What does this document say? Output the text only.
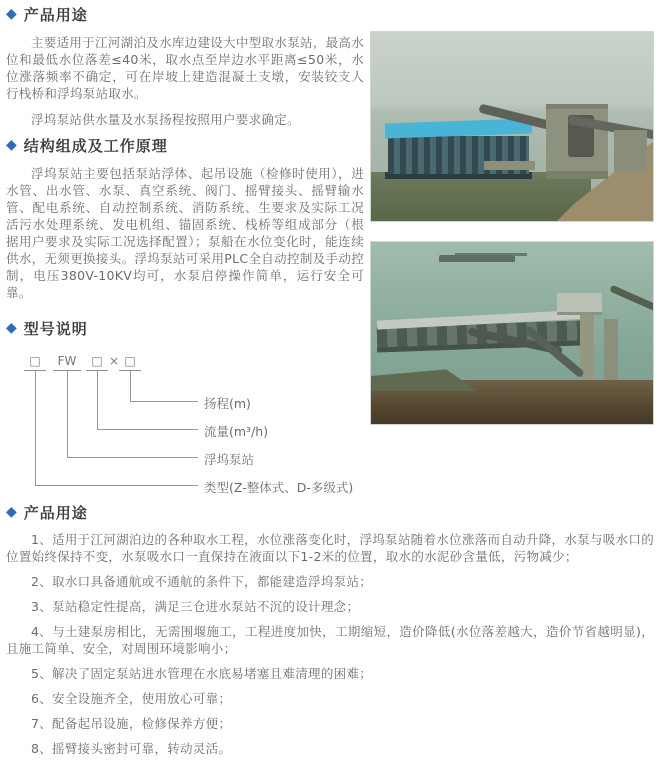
◆ 产品用途

主要适用于江河湖泊及水库边建设大中型取水泵站，最高水位和最低水位落差≤40米，取水点至岸边水平距离≤50米，水位涨落频率不确定，可在岸坡上建造混凝土支墩，安装铰支人行栈桥和浮坞泵站取水。

浮坞泵站供水量及水泵扬程按照用户要求确定。

◆ 结构组成及工作原理

浮坞泵站主要包括泵站浮体、起吊设施（检修时使用），进水管、出水管、水泵、真空系统、阀门、摇臂接头、摇臂输水管、配电系统、自动控制系统、消防系统、生要求及实际工况活污水处理系统、发电机组、锚固系统、栈桥等组成部分（根据用户要求及实际工况选择配置）；泵船在水位变化时，能连续供水，无须更换接头。浮坞泵站可采用PLC全自动控制及手动控制，电压380V-10KV均可，水泵启停操作简单，运行安全可靠。

◆ 型号说明
□	FW	□ × □
扬程(m)
流量(m³/h)
浮坞泵站
类型(Z-整体式、D-多级式)
◆ 产品用途
1、适用于江河湖泊边的各种取水工程，水位涨落变化时，浮坞泵站随着水位涨落而自动升降，水泵与吸水口的位置始终保持不变，水泵吸水口一直保持在液面以下1-2米的位置，取水的水泥砂含量低，污物减少；
2、取水口具备通航或不通航的条件下，都能建造浮坞泵站；
3、泵站稳定性提高，满足三仓进水泵站不沉的设计理念；
4、与土建泵房相比，无需围堰施工，工程进度加快，工期缩短，造价降低(水位落差越大，造价节省越明显)，且施工简单、安全，对周围环境影响小；
5、解决了固定泵站进水管理在水底易堵塞且难清理的困难；
6、安全设施齐全，使用放心可靠；
7、配备起吊设施，检修保养方便；
8、摇臂接头密封可靠，转动灵活。
